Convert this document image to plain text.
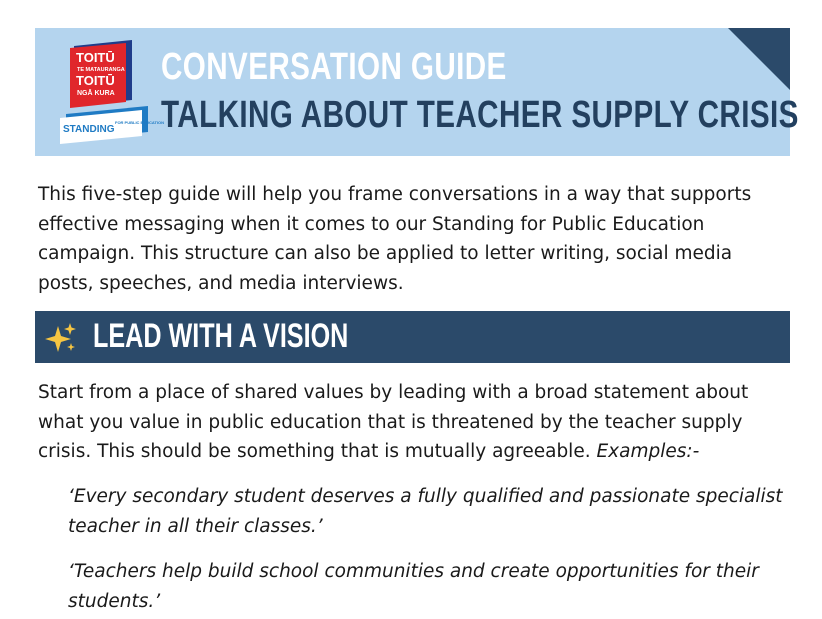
TOITŪ
TE MATAURANGA
TOITŪ
NGĀ KURA
STANDING
FOR PUBLIC EDUCATION
CONVERSATION GUIDE
TALKING ABOUT TEACHER SUPPLY CRISIS

This five-step guide will help you frame conversations in a way that supports effective messaging when it comes to our Standing for Public Education campaign. This structure can also be applied to letter writing, social media posts, speeches, and media interviews.

LEAD WITH A VISION

Start from a place of shared values by leading with a broad statement about what you value in public education that is threatened by the teacher supply crisis. This should be something that is mutually agreeable. Examples:-

‘Every secondary student deserves a fully qualified and passionate specialist teacher in all their classes.’

‘Teachers help build school communities and create opportunities for their students.’
